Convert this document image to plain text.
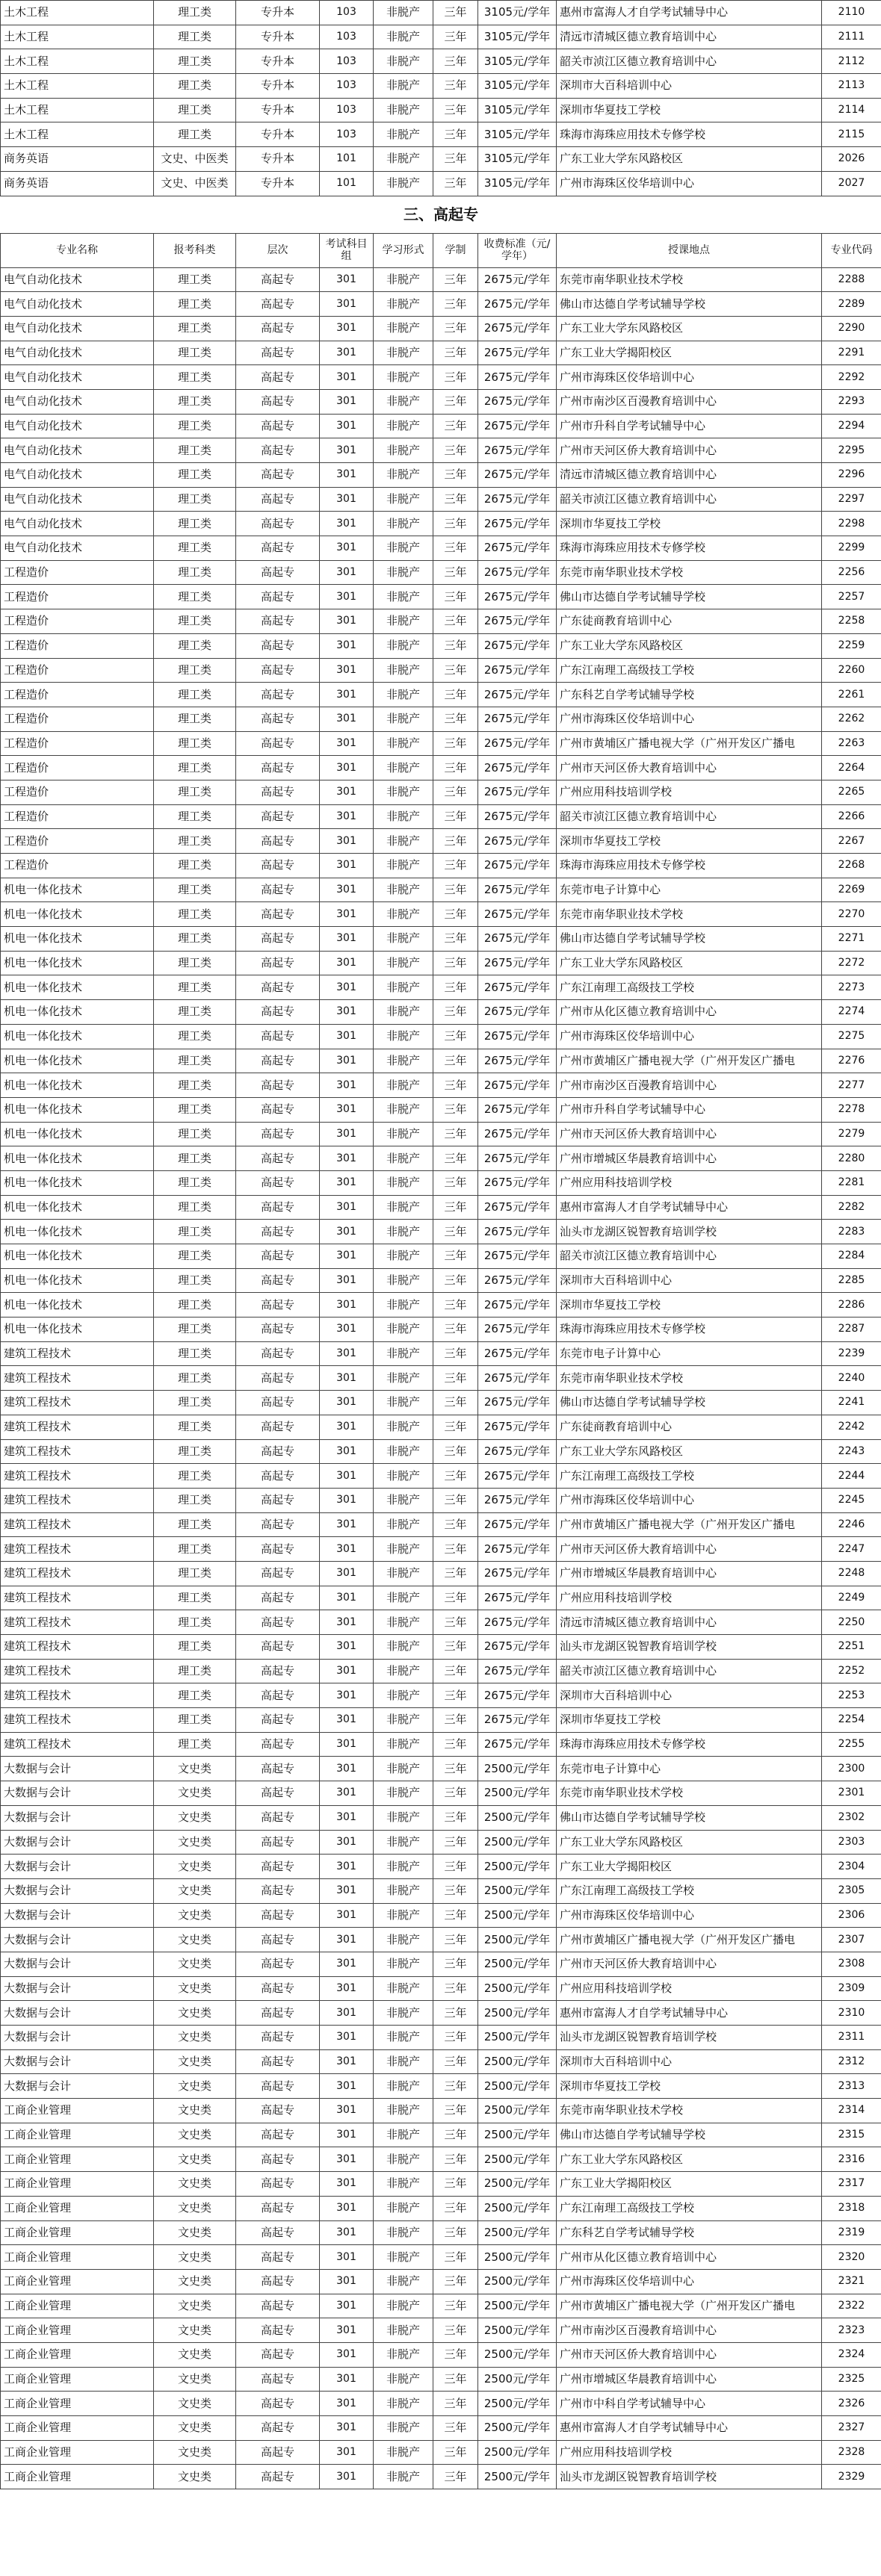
土木工程	理工类	专升本	103	非脱产	三年	3105元/学年	惠州市富海人才自学考试辅导中心	2110
土木工程	理工类	专升本	103	非脱产	三年	3105元/学年	清远市清城区德立教育培训中心	2111
土木工程	理工类	专升本	103	非脱产	三年	3105元/学年	韶关市浈江区德立教育培训中心	2112
土木工程	理工类	专升本	103	非脱产	三年	3105元/学年	深圳市大百科培训中心	2113
土木工程	理工类	专升本	103	非脱产	三年	3105元/学年	深圳市华夏技工学校	2114
土木工程	理工类	专升本	103	非脱产	三年	3105元/学年	珠海市海珠应用技术专修学校	2115
商务英语	文史、中医类	专升本	101	非脱产	三年	3105元/学年	广东工业大学东风路校区	2026
商务英语	文史、中医类	专升本	101	非脱产	三年	3105元/学年	广州市海珠区佼华培训中心	2027
三、高起专								
专业名称	报考科类	层次	考试科目组	学习形式	学制	收费标准（元/学年）	授课地点	专业代码
电气自动化技术	理工类	高起专	301	非脱产	三年	2675元/学年	东莞市南华职业技术学校	2288
电气自动化技术	理工类	高起专	301	非脱产	三年	2675元/学年	佛山市达德自学考试辅导学校	2289
电气自动化技术	理工类	高起专	301	非脱产	三年	2675元/学年	广东工业大学东风路校区	2290
电气自动化技术	理工类	高起专	301	非脱产	三年	2675元/学年	广东工业大学揭阳校区	2291
电气自动化技术	理工类	高起专	301	非脱产	三年	2675元/学年	广州市海珠区佼华培训中心	2292
电气自动化技术	理工类	高起专	301	非脱产	三年	2675元/学年	广州市南沙区百漫教育培训中心	2293
电气自动化技术	理工类	高起专	301	非脱产	三年	2675元/学年	广州市升科自学考试辅导中心	2294
电气自动化技术	理工类	高起专	301	非脱产	三年	2675元/学年	广州市天河区侨大教育培训中心	2295
电气自动化技术	理工类	高起专	301	非脱产	三年	2675元/学年	清远市清城区德立教育培训中心	2296
电气自动化技术	理工类	高起专	301	非脱产	三年	2675元/学年	韶关市浈江区德立教育培训中心	2297
电气自动化技术	理工类	高起专	301	非脱产	三年	2675元/学年	深圳市华夏技工学校	2298
电气自动化技术	理工类	高起专	301	非脱产	三年	2675元/学年	珠海市海珠应用技术专修学校	2299
工程造价	理工类	高起专	301	非脱产	三年	2675元/学年	东莞市南华职业技术学校	2256
工程造价	理工类	高起专	301	非脱产	三年	2675元/学年	佛山市达德自学考试辅导学校	2257
工程造价	理工类	高起专	301	非脱产	三年	2675元/学年	广东徒商教育培训中心	2258
工程造价	理工类	高起专	301	非脱产	三年	2675元/学年	广东工业大学东风路校区	2259
工程造价	理工类	高起专	301	非脱产	三年	2675元/学年	广东江南理工高级技工学校	2260
工程造价	理工类	高起专	301	非脱产	三年	2675元/学年	广东科艺自学考试辅导学校	2261
工程造价	理工类	高起专	301	非脱产	三年	2675元/学年	广州市海珠区佼华培训中心	2262
工程造价	理工类	高起专	301	非脱产	三年	2675元/学年	广州市黄埔区广播电视大学（广州开发区广播电	2263
工程造价	理工类	高起专	301	非脱产	三年	2675元/学年	广州市天河区侨大教育培训中心	2264
工程造价	理工类	高起专	301	非脱产	三年	2675元/学年	广州应用科技培训学校	2265
工程造价	理工类	高起专	301	非脱产	三年	2675元/学年	韶关市浈江区德立教育培训中心	2266
工程造价	理工类	高起专	301	非脱产	三年	2675元/学年	深圳市华夏技工学校	2267
工程造价	理工类	高起专	301	非脱产	三年	2675元/学年	珠海市海珠应用技术专修学校	2268
机电一体化技术	理工类	高起专	301	非脱产	三年	2675元/学年	东莞市电子计算中心	2269
机电一体化技术	理工类	高起专	301	非脱产	三年	2675元/学年	东莞市南华职业技术学校	2270
机电一体化技术	理工类	高起专	301	非脱产	三年	2675元/学年	佛山市达德自学考试辅导学校	2271
机电一体化技术	理工类	高起专	301	非脱产	三年	2675元/学年	广东工业大学东风路校区	2272
机电一体化技术	理工类	高起专	301	非脱产	三年	2675元/学年	广东江南理工高级技工学校	2273
机电一体化技术	理工类	高起专	301	非脱产	三年	2675元/学年	广州市从化区德立教育培训中心	2274
机电一体化技术	理工类	高起专	301	非脱产	三年	2675元/学年	广州市海珠区佼华培训中心	2275
机电一体化技术	理工类	高起专	301	非脱产	三年	2675元/学年	广州市黄埔区广播电视大学（广州开发区广播电	2276
机电一体化技术	理工类	高起专	301	非脱产	三年	2675元/学年	广州市南沙区百漫教育培训中心	2277
机电一体化技术	理工类	高起专	301	非脱产	三年	2675元/学年	广州市升科自学考试辅导中心	2278
机电一体化技术	理工类	高起专	301	非脱产	三年	2675元/学年	广州市天河区侨大教育培训中心	2279
机电一体化技术	理工类	高起专	301	非脱产	三年	2675元/学年	广州市增城区华晨教育培训中心	2280
机电一体化技术	理工类	高起专	301	非脱产	三年	2675元/学年	广州应用科技培训学校	2281
机电一体化技术	理工类	高起专	301	非脱产	三年	2675元/学年	惠州市富海人才自学考试辅导中心	2282
机电一体化技术	理工类	高起专	301	非脱产	三年	2675元/学年	汕头市龙湖区锐智教育培训学校	2283
机电一体化技术	理工类	高起专	301	非脱产	三年	2675元/学年	韶关市浈江区德立教育培训中心	2284
机电一体化技术	理工类	高起专	301	非脱产	三年	2675元/学年	深圳市大百科培训中心	2285
机电一体化技术	理工类	高起专	301	非脱产	三年	2675元/学年	深圳市华夏技工学校	2286
机电一体化技术	理工类	高起专	301	非脱产	三年	2675元/学年	珠海市海珠应用技术专修学校	2287
建筑工程技术	理工类	高起专	301	非脱产	三年	2675元/学年	东莞市电子计算中心	2239
建筑工程技术	理工类	高起专	301	非脱产	三年	2675元/学年	东莞市南华职业技术学校	2240
建筑工程技术	理工类	高起专	301	非脱产	三年	2675元/学年	佛山市达德自学考试辅导学校	2241
建筑工程技术	理工类	高起专	301	非脱产	三年	2675元/学年	广东徒商教育培训中心	2242
建筑工程技术	理工类	高起专	301	非脱产	三年	2675元/学年	广东工业大学东风路校区	2243
建筑工程技术	理工类	高起专	301	非脱产	三年	2675元/学年	广东江南理工高级技工学校	2244
建筑工程技术	理工类	高起专	301	非脱产	三年	2675元/学年	广州市海珠区佼华培训中心	2245
建筑工程技术	理工类	高起专	301	非脱产	三年	2675元/学年	广州市黄埔区广播电视大学（广州开发区广播电	2246
建筑工程技术	理工类	高起专	301	非脱产	三年	2675元/学年	广州市天河区侨大教育培训中心	2247
建筑工程技术	理工类	高起专	301	非脱产	三年	2675元/学年	广州市增城区华晨教育培训中心	2248
建筑工程技术	理工类	高起专	301	非脱产	三年	2675元/学年	广州应用科技培训学校	2249
建筑工程技术	理工类	高起专	301	非脱产	三年	2675元/学年	清远市清城区德立教育培训中心	2250
建筑工程技术	理工类	高起专	301	非脱产	三年	2675元/学年	汕头市龙湖区锐智教育培训学校	2251
建筑工程技术	理工类	高起专	301	非脱产	三年	2675元/学年	韶关市浈江区德立教育培训中心	2252
建筑工程技术	理工类	高起专	301	非脱产	三年	2675元/学年	深圳市大百科培训中心	2253
建筑工程技术	理工类	高起专	301	非脱产	三年	2675元/学年	深圳市华夏技工学校	2254
建筑工程技术	理工类	高起专	301	非脱产	三年	2675元/学年	珠海市海珠应用技术专修学校	2255
大数据与会计	文史类	高起专	301	非脱产	三年	2500元/学年	东莞市电子计算中心	2300
大数据与会计	文史类	高起专	301	非脱产	三年	2500元/学年	东莞市南华职业技术学校	2301
大数据与会计	文史类	高起专	301	非脱产	三年	2500元/学年	佛山市达德自学考试辅导学校	2302
大数据与会计	文史类	高起专	301	非脱产	三年	2500元/学年	广东工业大学东风路校区	2303
大数据与会计	文史类	高起专	301	非脱产	三年	2500元/学年	广东工业大学揭阳校区	2304
大数据与会计	文史类	高起专	301	非脱产	三年	2500元/学年	广东江南理工高级技工学校	2305
大数据与会计	文史类	高起专	301	非脱产	三年	2500元/学年	广州市海珠区佼华培训中心	2306
大数据与会计	文史类	高起专	301	非脱产	三年	2500元/学年	广州市黄埔区广播电视大学（广州开发区广播电	2307
大数据与会计	文史类	高起专	301	非脱产	三年	2500元/学年	广州市天河区侨大教育培训中心	2308
大数据与会计	文史类	高起专	301	非脱产	三年	2500元/学年	广州应用科技培训学校	2309
大数据与会计	文史类	高起专	301	非脱产	三年	2500元/学年	惠州市富海人才自学考试辅导中心	2310
大数据与会计	文史类	高起专	301	非脱产	三年	2500元/学年	汕头市龙湖区锐智教育培训学校	2311
大数据与会计	文史类	高起专	301	非脱产	三年	2500元/学年	深圳市大百科培训中心	2312
大数据与会计	文史类	高起专	301	非脱产	三年	2500元/学年	深圳市华夏技工学校	2313
工商企业管理	文史类	高起专	301	非脱产	三年	2500元/学年	东莞市南华职业技术学校	2314
工商企业管理	文史类	高起专	301	非脱产	三年	2500元/学年	佛山市达德自学考试辅导学校	2315
工商企业管理	文史类	高起专	301	非脱产	三年	2500元/学年	广东工业大学东风路校区	2316
工商企业管理	文史类	高起专	301	非脱产	三年	2500元/学年	广东工业大学揭阳校区	2317
工商企业管理	文史类	高起专	301	非脱产	三年	2500元/学年	广东江南理工高级技工学校	2318
工商企业管理	文史类	高起专	301	非脱产	三年	2500元/学年	广东科艺自学考试辅导学校	2319
工商企业管理	文史类	高起专	301	非脱产	三年	2500元/学年	广州市从化区德立教育培训中心	2320
工商企业管理	文史类	高起专	301	非脱产	三年	2500元/学年	广州市海珠区佼华培训中心	2321
工商企业管理	文史类	高起专	301	非脱产	三年	2500元/学年	广州市黄埔区广播电视大学（广州开发区广播电	2322
工商企业管理	文史类	高起专	301	非脱产	三年	2500元/学年	广州市南沙区百漫教育培训中心	2323
工商企业管理	文史类	高起专	301	非脱产	三年	2500元/学年	广州市天河区侨大教育培训中心	2324
工商企业管理	文史类	高起专	301	非脱产	三年	2500元/学年	广州市增城区华晨教育培训中心	2325
工商企业管理	文史类	高起专	301	非脱产	三年	2500元/学年	广州市中科自学考试辅导中心	2326
工商企业管理	文史类	高起专	301	非脱产	三年	2500元/学年	惠州市富海人才自学考试辅导中心	2327
工商企业管理	文史类	高起专	301	非脱产	三年	2500元/学年	广州应用科技培训学校	2328
工商企业管理	文史类	高起专	301	非脱产	三年	2500元/学年	汕头市龙湖区锐智教育培训学校	2329
